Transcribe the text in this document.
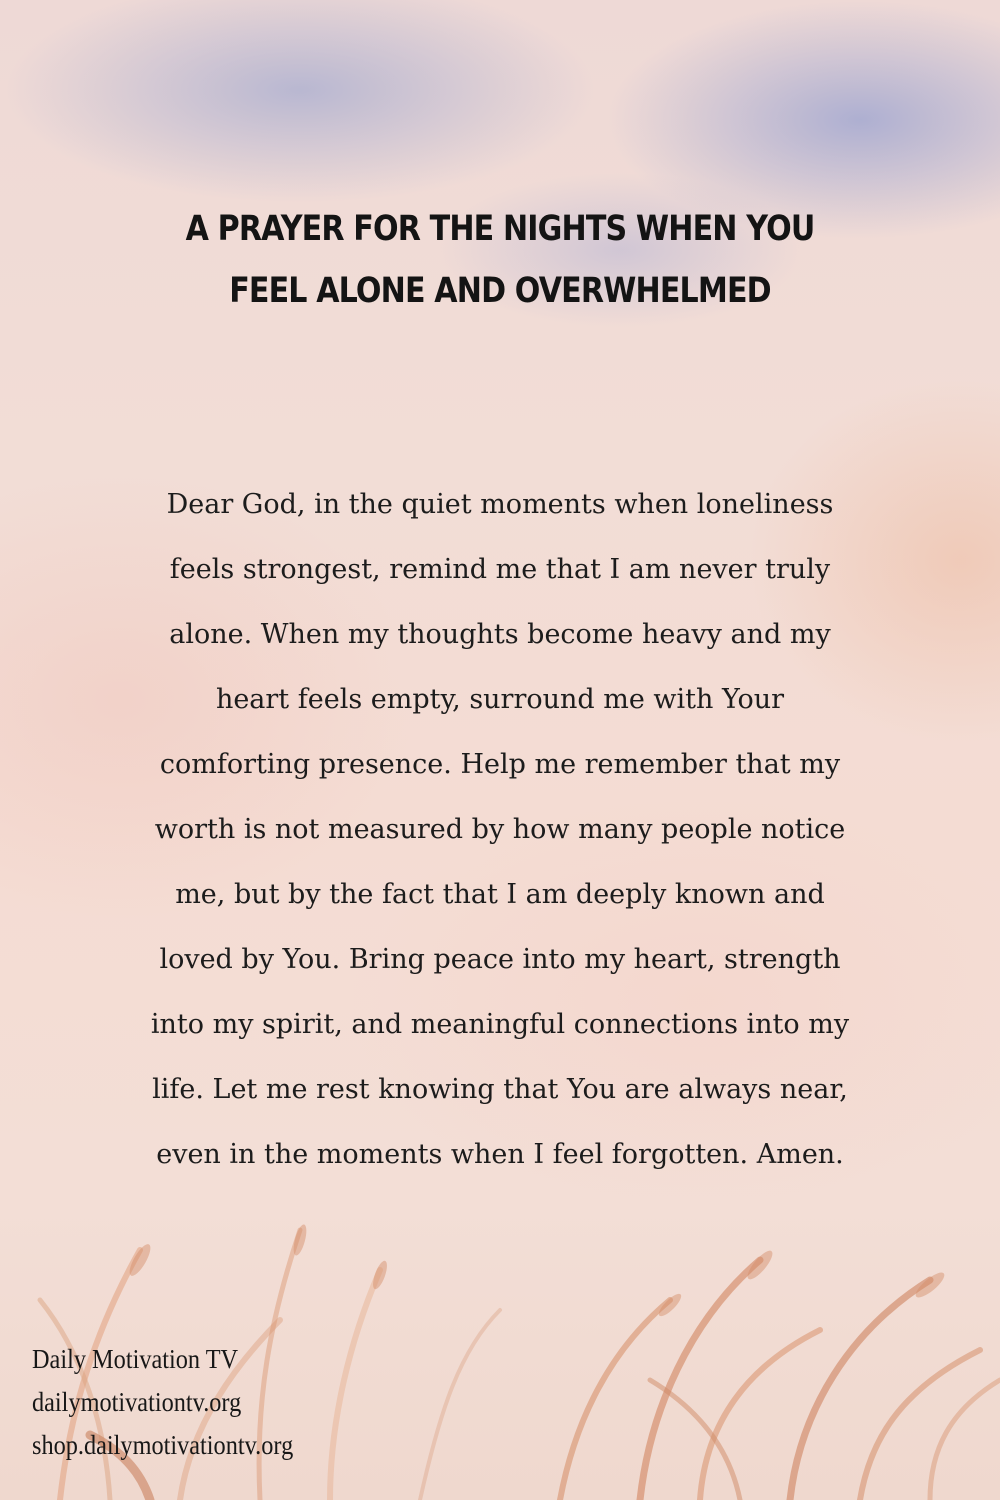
A PRAYER FOR THE NIGHTS WHEN YOU
FEEL ALONE AND OVERWHELMED
Dear God, in the quiet moments when loneliness
feels strongest, remind me that I am never truly
alone. When my thoughts become heavy and my
heart feels empty, surround me with Your
comforting presence. Help me remember that my
worth is not measured by how many people notice
me, but by the fact that I am deeply known and
loved by You. Bring peace into my heart, strength
into my spirit, and meaningful connections into my
life. Let me rest knowing that You are always near,
even in the moments when I feel forgotten. Amen.
Daily Motivation TV
dailymotivationtv.org
shop.dailymotivationtv.org
